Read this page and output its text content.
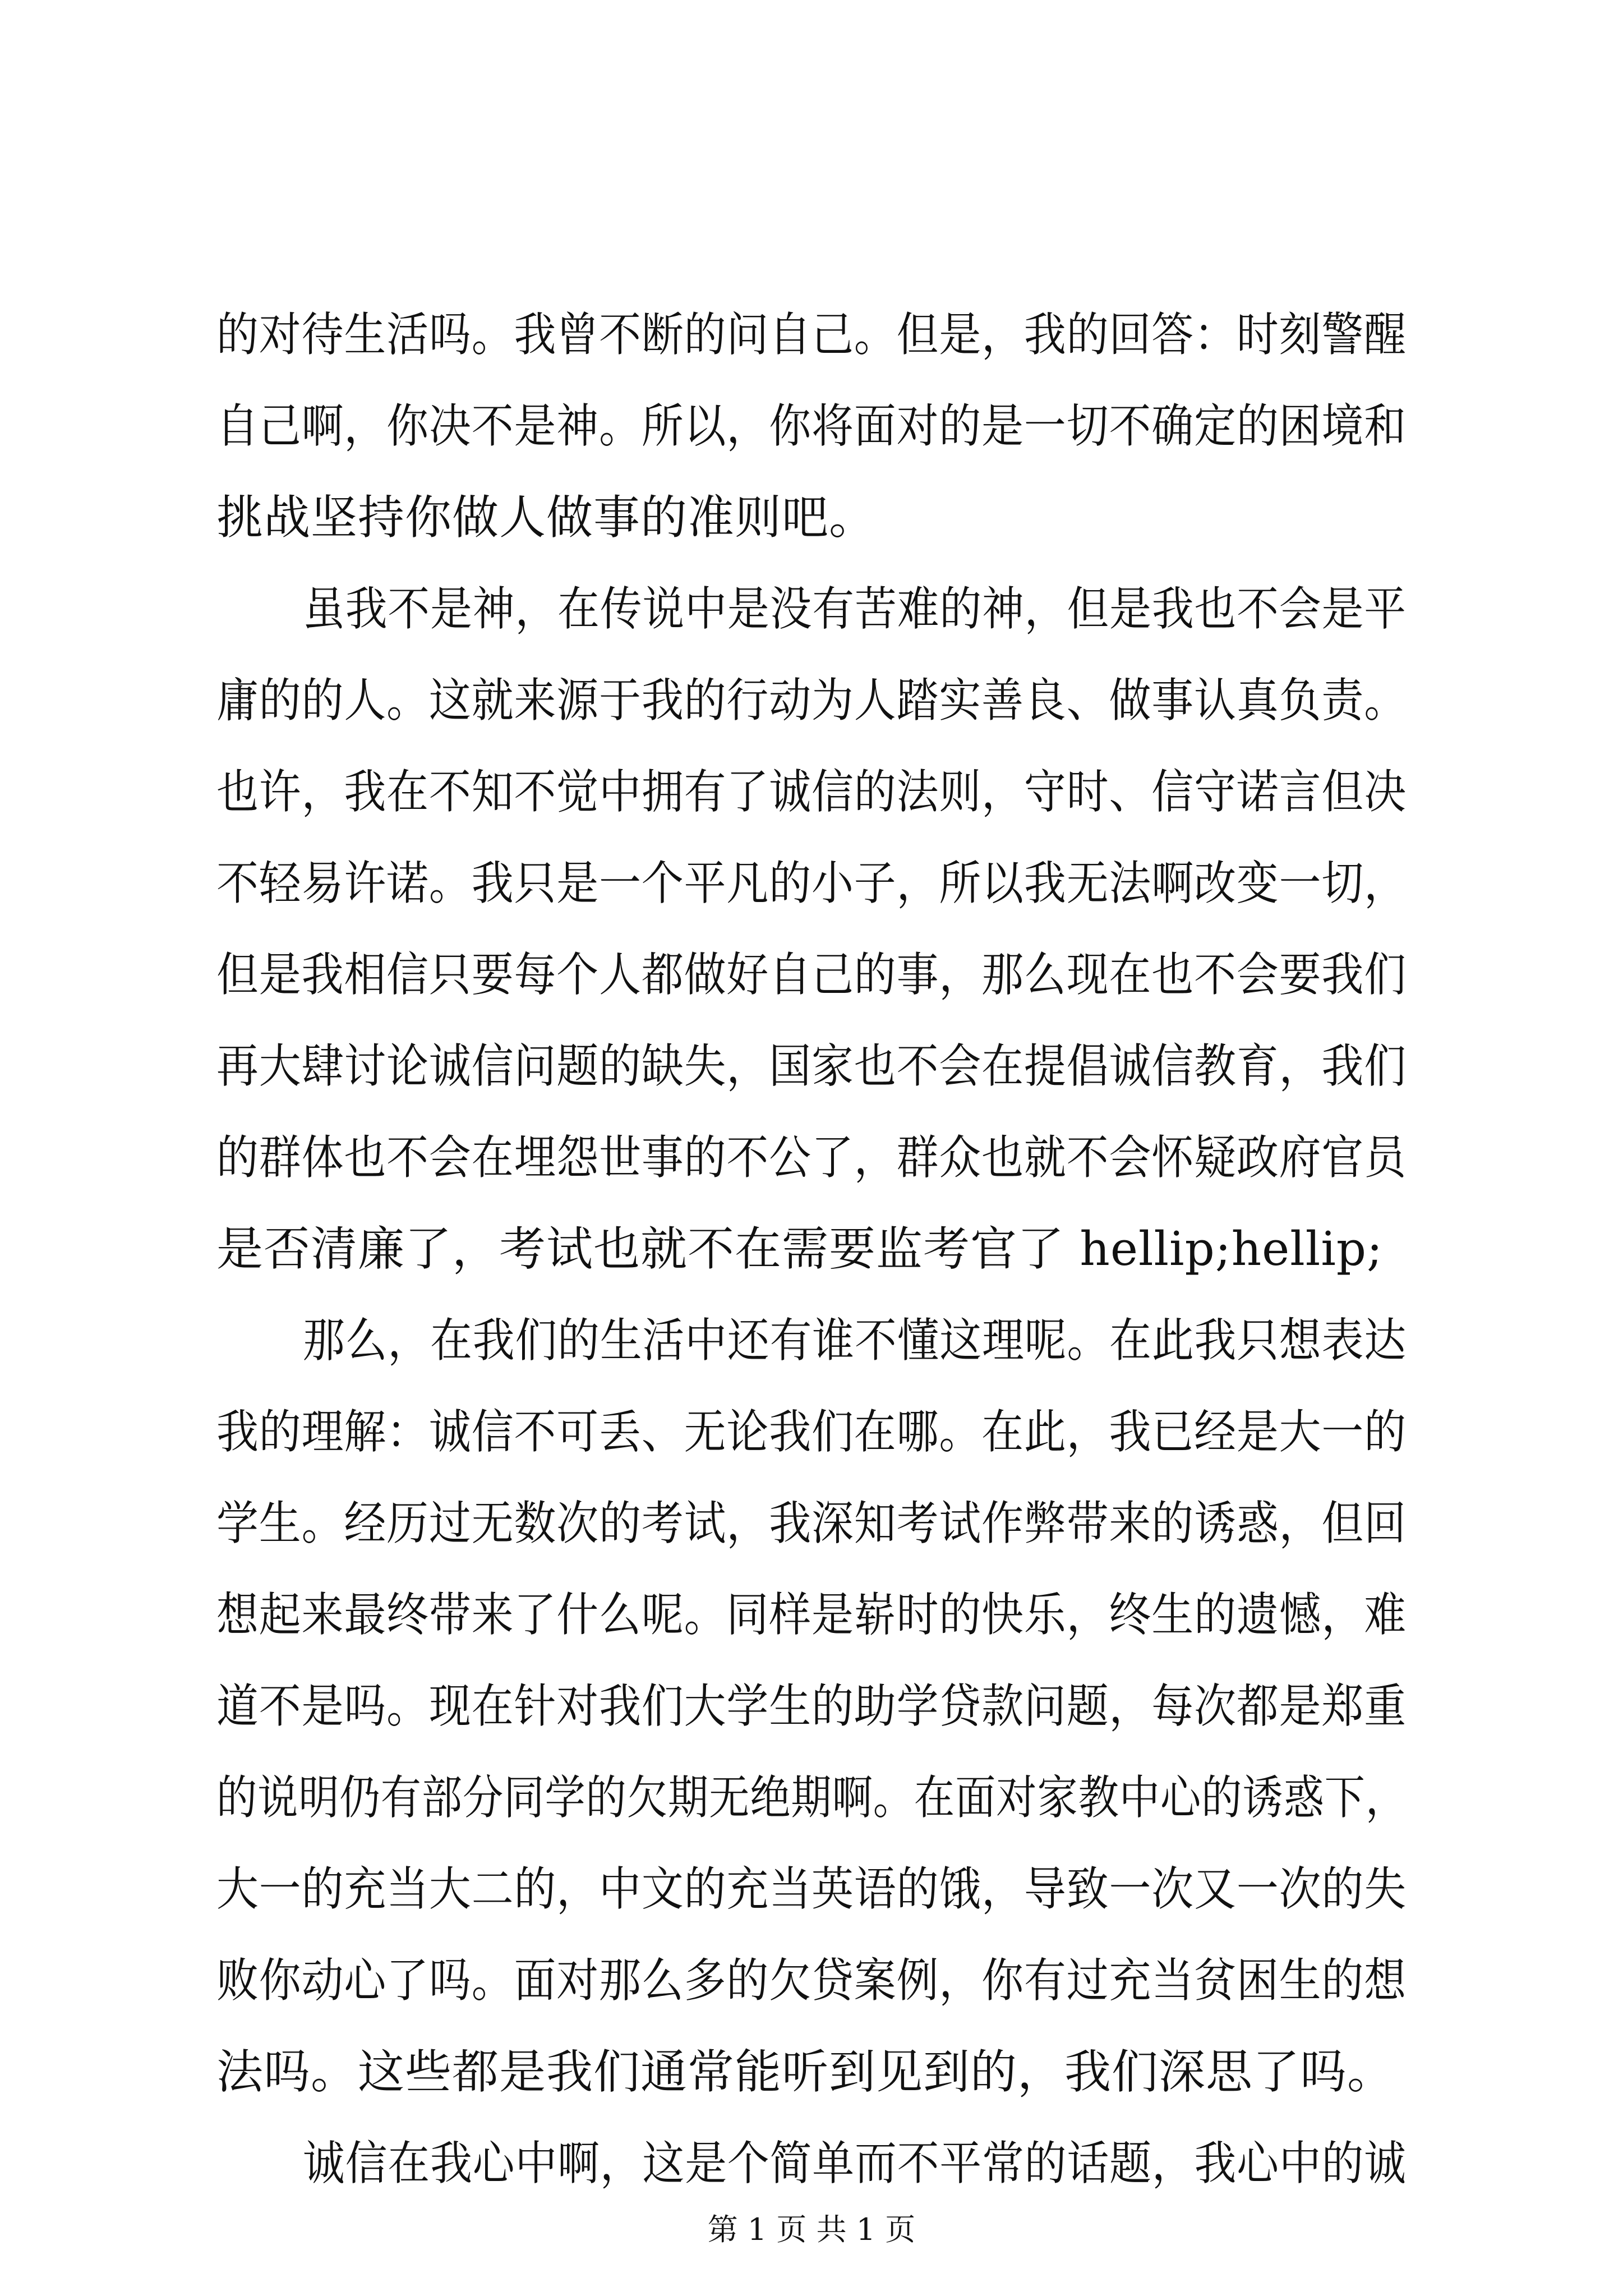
的对待生活吗。我曾不断的问自己。但是，我的回答：时刻警醒
自己啊，你决不是神。所以，你将面对的是一切不确定的困境和
挑战坚持你做人做事的准则吧。
虽我不是神，在传说中是没有苦难的神，但是我也不会是平
庸的的人。这就来源于我的行动为人踏实善良、做事认真负责。
也许，我在不知不觉中拥有了诚信的法则，守时、信守诺言但决
不轻易许诺。我只是一个平凡的小子，所以我无法啊改变一切，
但是我相信只要每个人都做好自己的事，那么现在也不会要我们
再大肆讨论诚信问题的缺失，国家也不会在提倡诚信教育，我们
的群体也不会在埋怨世事的不公了，群众也就不会怀疑政府官员
是否清廉了，考试也就不在需要监考官了 hellip;hellip;
那么，在我们的生活中还有谁不懂这理呢。在此我只想表达
我的理解：诚信不可丢、无论我们在哪。在此，我已经是大一的
学生。经历过无数次的考试，我深知考试作弊带来的诱惑，但回
想起来最终带来了什么呢。同样是崭时的快乐，终生的遗憾，难
道不是吗。现在针对我们大学生的助学贷款问题，每次都是郑重
的说明仍有部分同学的欠期无绝期啊。在面对家教中心的诱惑下，
大一的充当大二的，中文的充当英语的饿，导致一次又一次的失
败你动心了吗。面对那么多的欠贷案例，你有过充当贫困生的想
法吗。这些都是我们通常能听到见到的，我们深思了吗。
诚信在我心中啊，这是个简单而不平常的话题，我心中的诚
第 1 页 共 1 页
